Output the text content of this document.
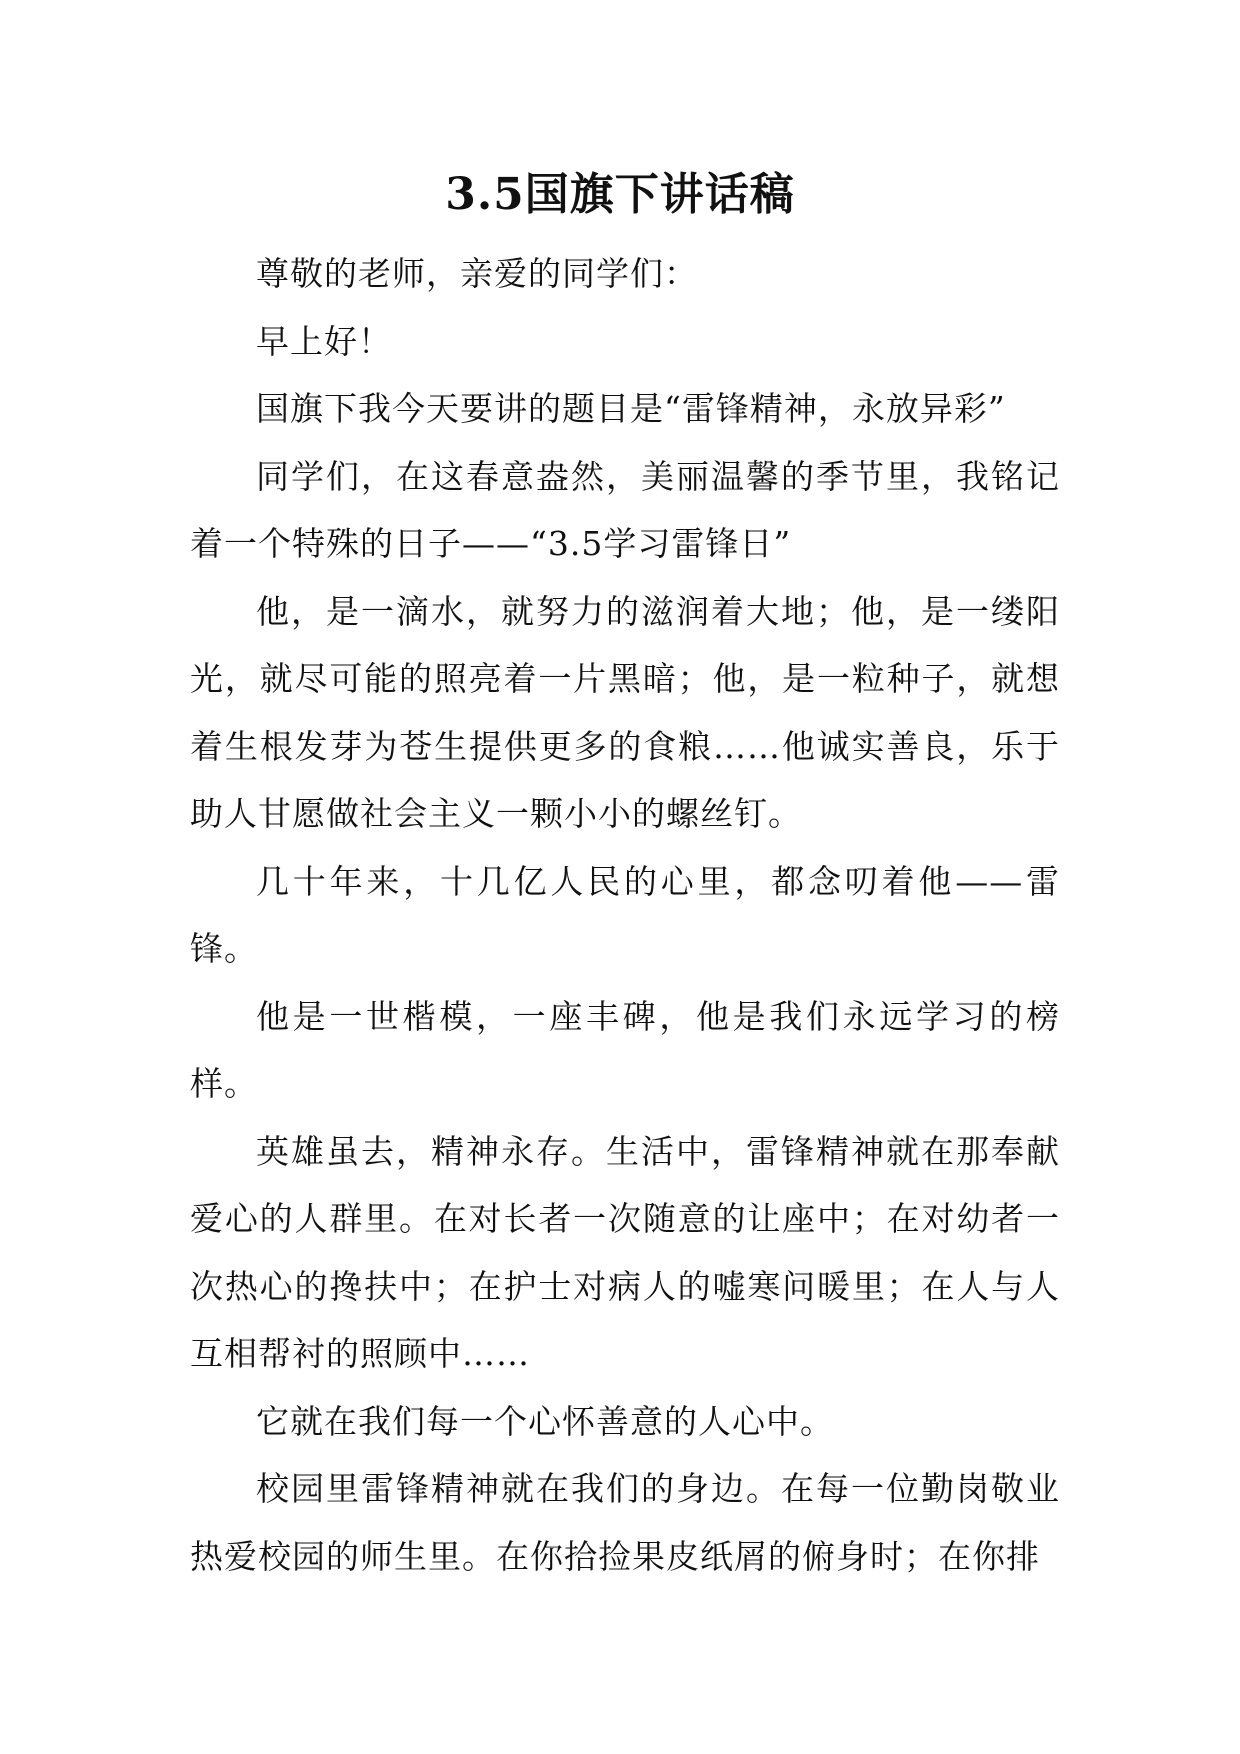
3.5国旗下讲话稿

尊敬的老师，亲爱的同学们：

早上好！

国旗下我今天要讲的题目是“雷锋精神，永放异彩”

同学们，在这春意盎然，美丽温馨的季节里，我铭记着一个特殊的日子——“3.5学习雷锋日”

他，是一滴水，就努力的滋润着大地；他，是一缕阳光，就尽可能的照亮着一片黑暗；他，是一粒种子，就想着生根发芽为苍生提供更多的食粮……他诚实善良，乐于助人甘愿做社会主义一颗小小的螺丝钉。

几十年来，十几亿人民的心里，都念叨着他——雷锋。

他是一世楷模，一座丰碑，他是我们永远学习的榜样。

英雄虽去，精神永存。生活中，雷锋精神就在那奉献爱心的人群里。在对长者一次随意的让座中；在对幼者一次热心的搀扶中；在护士对病人的嘘寒问暖里；在人与人互相帮衬的照顾中……

它就在我们每一个心怀善意的人心中。

校园里雷锋精神就在我们的身边。在每一位勤岗敬业热爱校园的师生里。在你拾捡果皮纸屑的俯身时；在你排
